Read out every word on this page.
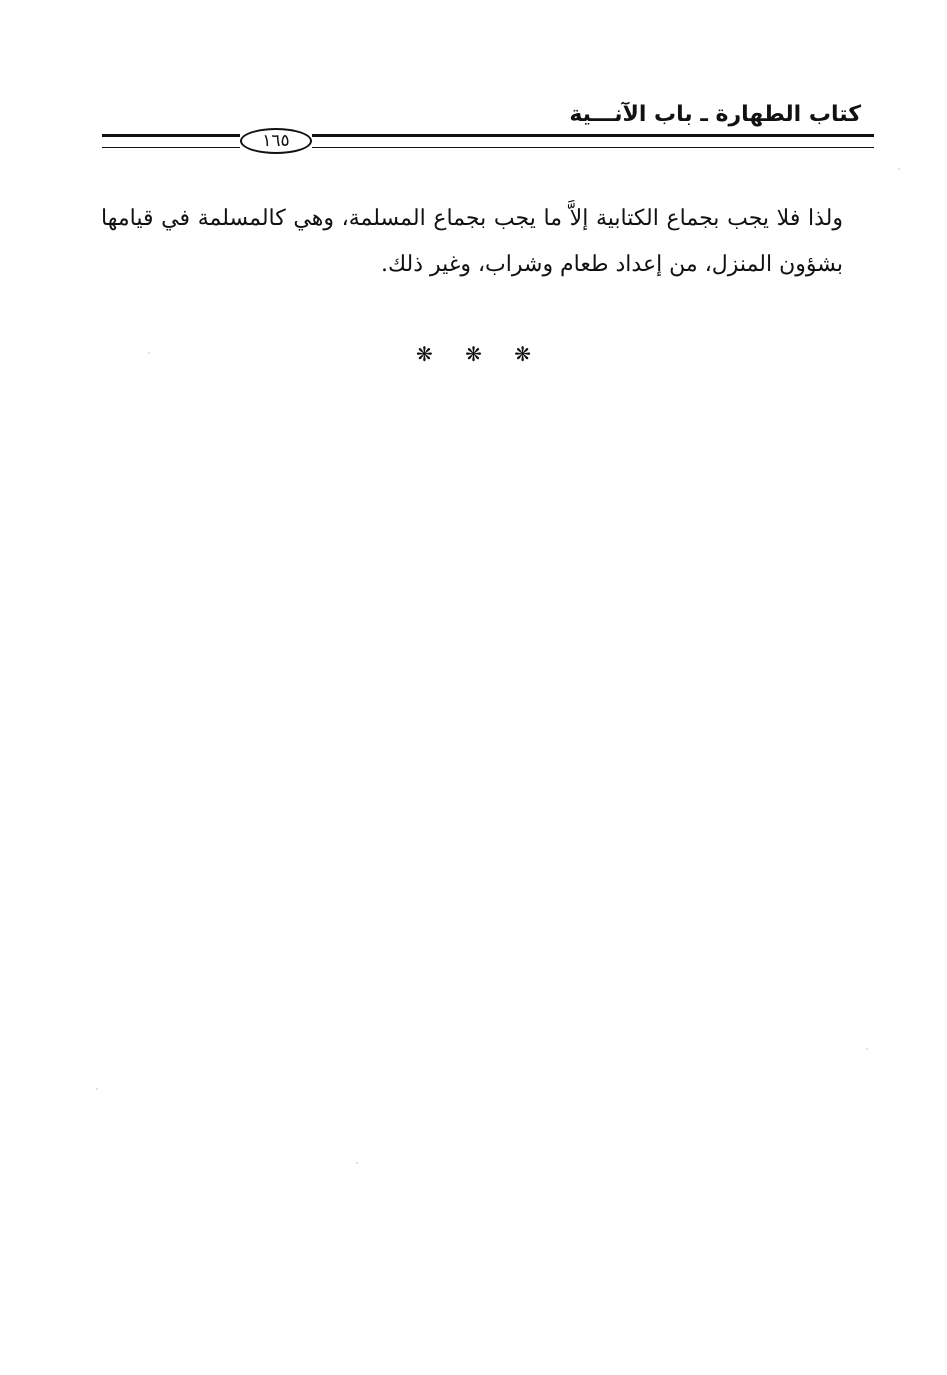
كتاب الطهارة ـ باب الآنـــية
١٦٥
ولذا فلا يجب بجماع الكتابية إلاَّ ما يجب بجماع المسلمة، وهي كالمسلمة في قيامها بشؤون المنزل، من إعداد طعام وشراب، وغير ذلك.
❋ ❋ ❋
